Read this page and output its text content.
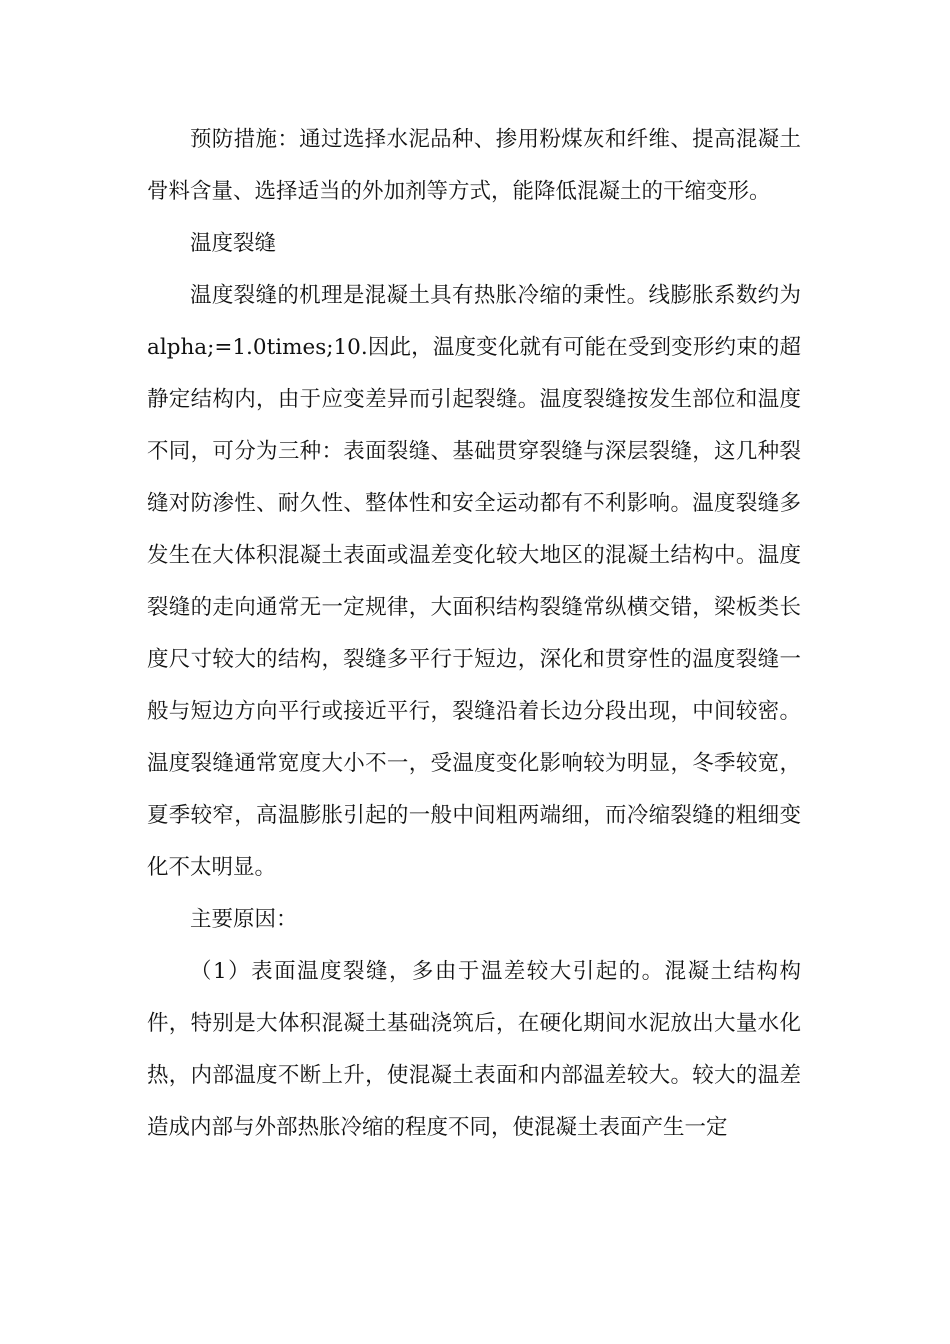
预防措施：通过选择水泥品种、掺用粉煤灰和纤维、提高混凝土骨料含量、选择适当的外加剂等方式，能降低混凝土的干缩变形。

温度裂缝

温度裂缝的机理是混凝土具有热胀冷缩的秉性。线膨胀系数约为alpha;=1.0times;10.因此，温度变化就有可能在受到变形约束的超静定结构内，由于应变差异而引起裂缝。温度裂缝按发生部位和温度不同，可分为三种：表面裂缝、基础贯穿裂缝与深层裂缝，这几种裂缝对防渗性、耐久性、整体性和安全运动都有不利影响。温度裂缝多发生在大体积混凝土表面或温差变化较大地区的混凝土结构中。温度裂缝的走向通常无一定规律，大面积结构裂缝常纵横交错，梁板类长度尺寸较大的结构，裂缝多平行于短边，深化和贯穿性的温度裂缝一般与短边方向平行或接近平行，裂缝沿着长边分段出现，中间较密。温度裂缝通常宽度大小不一，受温度变化影响较为明显，冬季较宽，夏季较窄，高温膨胀引起的一般中间粗两端细，而冷缩裂缝的粗细变化不太明显。

主要原因：

（1）表面温度裂缝，多由于温差较大引起的。混凝土结构构件，特别是大体积混凝土基础浇筑后，在硬化期间水泥放出大量水化热，内部温度不断上升，使混凝土表面和内部温差较大。较大的温差造成内部与外部热胀冷缩的程度不同，使混凝土表面产生一定
